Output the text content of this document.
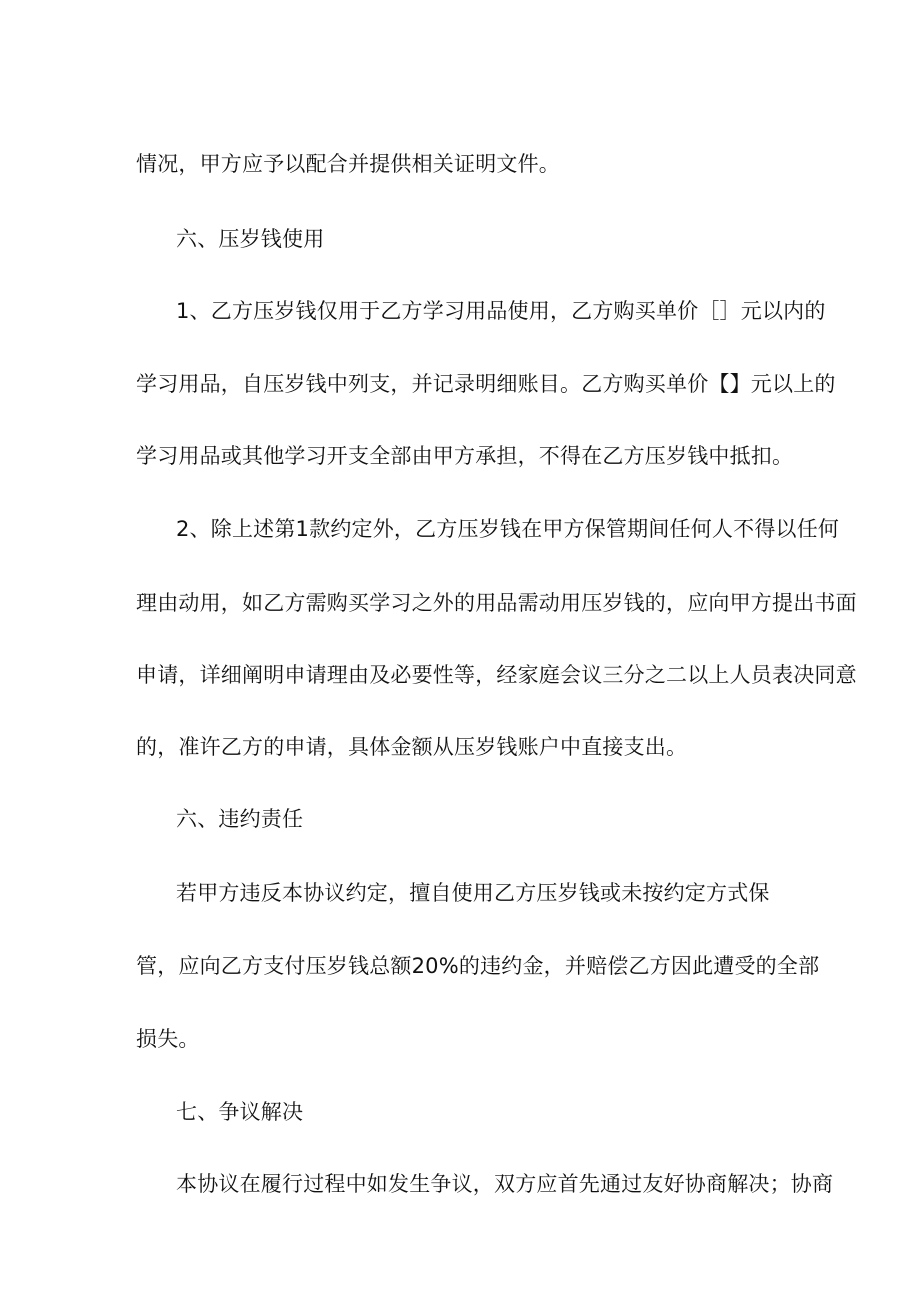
情况，甲方应予以配合并提供相关证明文件。
六、压岁钱使用
1、乙方压岁钱仅用于乙方学习用品使用，乙方购买单价［］元以内的
学习用品，自压岁钱中列支，并记录明细账目。乙方购买单价【】元以上的
学习用品或其他学习开支全部由甲方承担，不得在乙方压岁钱中抵扣。
2、除上述第1款约定外，乙方压岁钱在甲方保管期间任何人不得以任何
理由动用，如乙方需购买学习之外的用品需动用压岁钱的，应向甲方提出书面
申请，详细阐明申请理由及必要性等，经家庭会议三分之二以上人员表决同意
的，准许乙方的申请，具体金额从压岁钱账户中直接支出。
六、违约责任
若甲方违反本协议约定，擅自使用乙方压岁钱或未按约定方式保
管，应向乙方支付压岁钱总额20%的违约金，并赔偿乙方因此遭受的全部
损失。
七、争议解决
本协议在履行过程中如发生争议，双方应首先通过友好协商解决；协商
